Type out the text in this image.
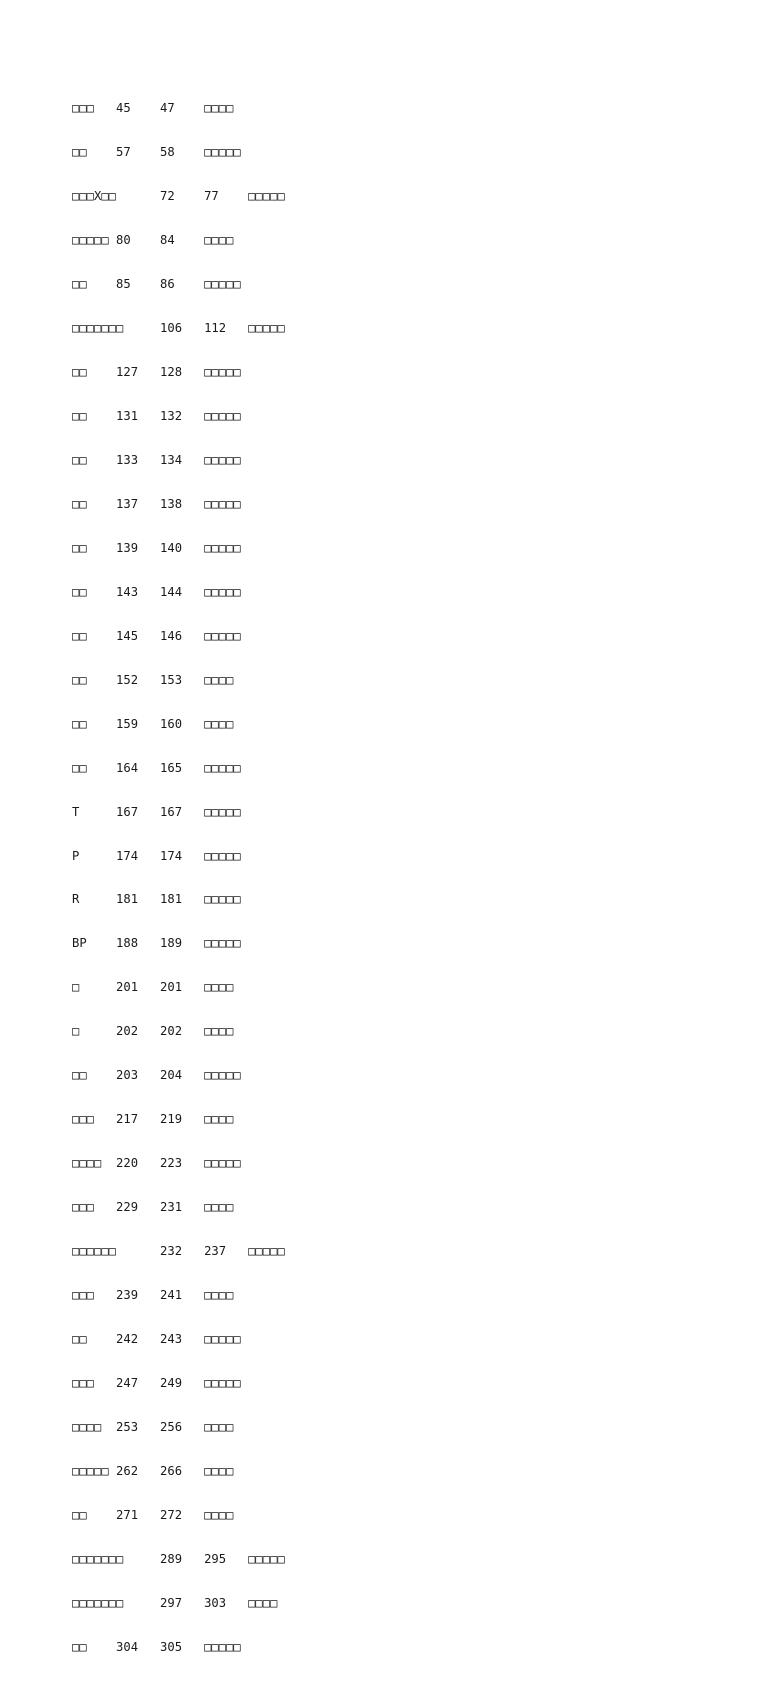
□□□   45    47    □□□□

□□    57    58    □□□□□

□□□X□□      72    77    □□□□□

□□□□□ 80    84    □□□□

□□    85    86    □□□□□

□□□□□□□     106   112   □□□□□

□□    127   128   □□□□□

□□    131   132   □□□□□

□□    133   134   □□□□□

□□    137   138   □□□□□

□□    139   140   □□□□□

□□    143   144   □□□□□

□□    145   146   □□□□□

□□    152   153   □□□□

□□    159   160   □□□□

□□    164   165   □□□□□

T     167   167   □□□□□

P     174   174   □□□□□

R     181   181   □□□□□

BP    188   189   □□□□□

□     201   201   □□□□

□     202   202   □□□□

□□    203   204   □□□□□

□□□   217   219   □□□□

□□□□  220   223   □□□□□

□□□   229   231   □□□□

□□□□□□      232   237   □□□□□

□□□   239   241   □□□□

□□    242   243   □□□□□

□□□   247   249   □□□□□

□□□□  253   256   □□□□

□□□□□ 262   266   □□□□

□□    271   272   □□□□

□□□□□□□     289   295   □□□□□

□□□□□□□     297   303   □□□□

□□    304   305   □□□□□
